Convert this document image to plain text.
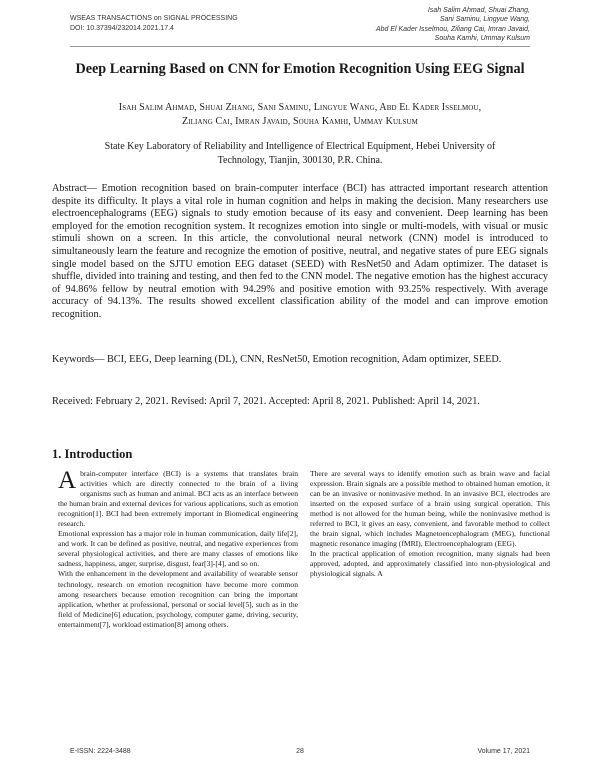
WSEAS TRANSACTIONS on SIGNAL PROCESSING
DOI: 10.37394/232014.2021.17.4
Isah Salim Ahmad, Shuai Zhang,
Sani Saminu, Lingyue Wang,
Abd El Kader Isselmou, Ziliang Cai, Imran Javaid,
Souha Kamhi, Ummay Kulsum
Deep Learning Based on CNN for Emotion Recognition Using EEG Signal
Isah Salim Ahmad, Shuai Zhang, Sani Saminu, Lingyue Wang, Abd El Kader Isselmou,
Ziliang Cai, Imran Javaid, Souha Kamhi, Ummay Kulsum
State Key Laboratory of Reliability and Intelligence of Electrical Equipment, Hebei University of Technology, Tianjin, 300130, P.R. China.
Abstract— Emotion recognition based on brain-computer interface (BCI) has attracted important research attention despite its difficulty. It plays a vital role in human cognition and helps in making the decision. Many researchers use electroencephalograms (EEG) signals to study emotion because of its easy and convenient. Deep learning has been employed for the emotion recognition system. It recognizes emotion into single or multi-models, with visual or music stimuli shown on a screen. In this article, the convolutional neural network (CNN) model is introduced to simultaneously learn the feature and recognize the emotion of positive, neutral, and negative states of pure EEG signals single model based on the SJTU emotion EEG dataset (SEED) with ResNet50 and Adam optimizer. The dataset is shuffle, divided into training and testing, and then fed to the CNN model. The negative emotion has the highest accuracy of 94.86% fellow by neutral emotion with 94.29% and positive emotion with 93.25% respectively. With average accuracy of 94.13%. The results showed excellent classification ability of the model and can improve emotion recognition.
Keywords— BCI, EEG, Deep learning (DL), CNN, ResNet50, Emotion recognition, Adam optimizer, SEED.
Received: February 2, 2021. Revised: April 7, 2021. Accepted: April 8, 2021. Published: April 14, 2021.
1. Introduction

Abrain-computer interface (BCI) is a systems that translates brain activities which are directly connected to the brain of a living organisms such as human and animal. BCI acts as an interface between the human brain and external devices for various applications, such as emotion recognition[1]. BCI had been extremely important in Biomedical engineering research.

Emotional expression has a major role in human communication, daily life[2], and work. It can be defined as positive, neutral, and negative experiences from several physiological activities, and there are many classes of emotions like sadness, happiness, anger, surprise, disgust, fear[3]-[4], and so on.

With the enhancement in the development and availability of wearable sensor technology, research on emotion recognition have become more common among researchers because emotion recognition can bring the important application, whether at professional, personal or social level[5], such as in the field of Medicine[6] education, psychology, computer game, driving, security, entertainment[7], workload estimation[8] among others.

There are several ways to identify emotion such as brain wave and facial expression. Brain signals are a possible method to obtained human emotion, it can be an invasive or noninvasive method. In an invasive BCI, electrodes are inserted on the exposed surface of a brain using surgical operation. This method is not allowed for the human being, while the noninvasive method is referred to BCI, it gives an easy, convenient, and favorable method to collect the brain signal, which includes Magnetoencephalogram (MEG), functional magnetic resonance imaging (fMRI), Electroencephalogram (EEG).

In the practical application of emotion recognition, many signals had been approved, adopted, and approximately classified into non-physiological and physiological signals. A

E-ISSN: 2224-3488	28	Volume 17, 2021
